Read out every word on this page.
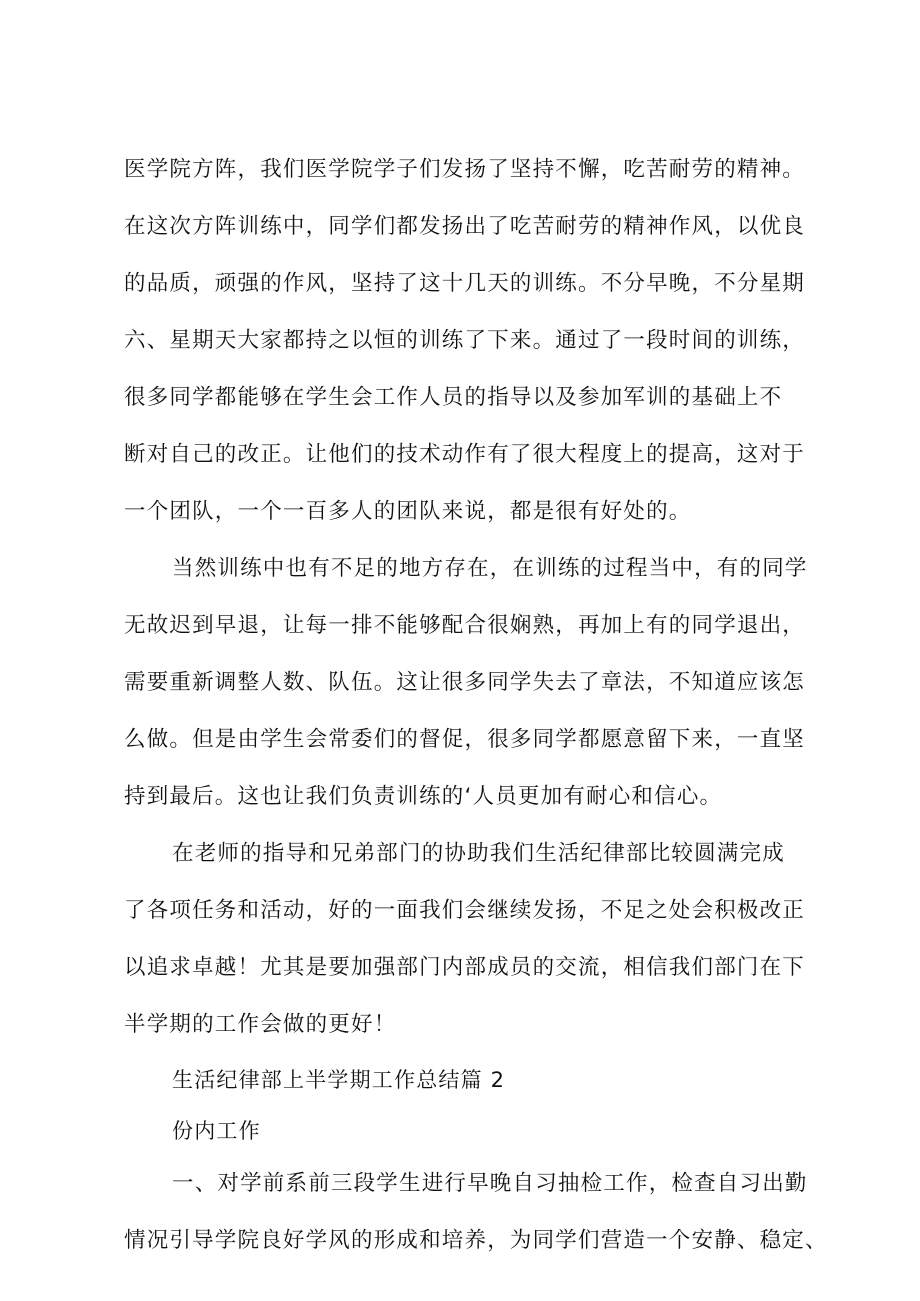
医学院方阵，我们医学院学子们发扬了坚持不懈，吃苦耐劳的精神。
在这次方阵训练中，同学们都发扬出了吃苦耐劳的精神作风，以优良
的品质，顽强的作风，坚持了这十几天的训练。不分早晚，不分星期
六、星期天大家都持之以恒的训练了下来。通过了一段时间的训练，
很多同学都能够在学生会工作人员的指导以及参加军训的基础上不
断对自己的改正。让他们的技术动作有了很大程度上的提高，这对于
一个团队，一个一百多人的团队来说，都是很有好处的。
当然训练中也有不足的地方存在，在训练的过程当中，有的同学
无故迟到早退，让每一排不能够配合很娴熟，再加上有的同学退出，
需要重新调整人数、队伍。这让很多同学失去了章法，不知道应该怎
么做。但是由学生会常委们的督促，很多同学都愿意留下来，一直坚
持到最后。这也让我们负责训练的‘人员更加有耐心和信心。
在老师的指导和兄弟部门的协助我们生活纪律部比较圆满完成
了各项任务和活动，好的一面我们会继续发扬，不足之处会积极改正
以追求卓越！尤其是要加强部门内部成员的交流，相信我们部门在下
半学期的工作会做的更好！
生活纪律部上半学期工作总结篇 2
份内工作
一、对学前系前三段学生进行早晚自习抽检工作，检查自习出勤
情况引导学院良好学风的形成和培养，为同学们营造一个安静、稳定、
